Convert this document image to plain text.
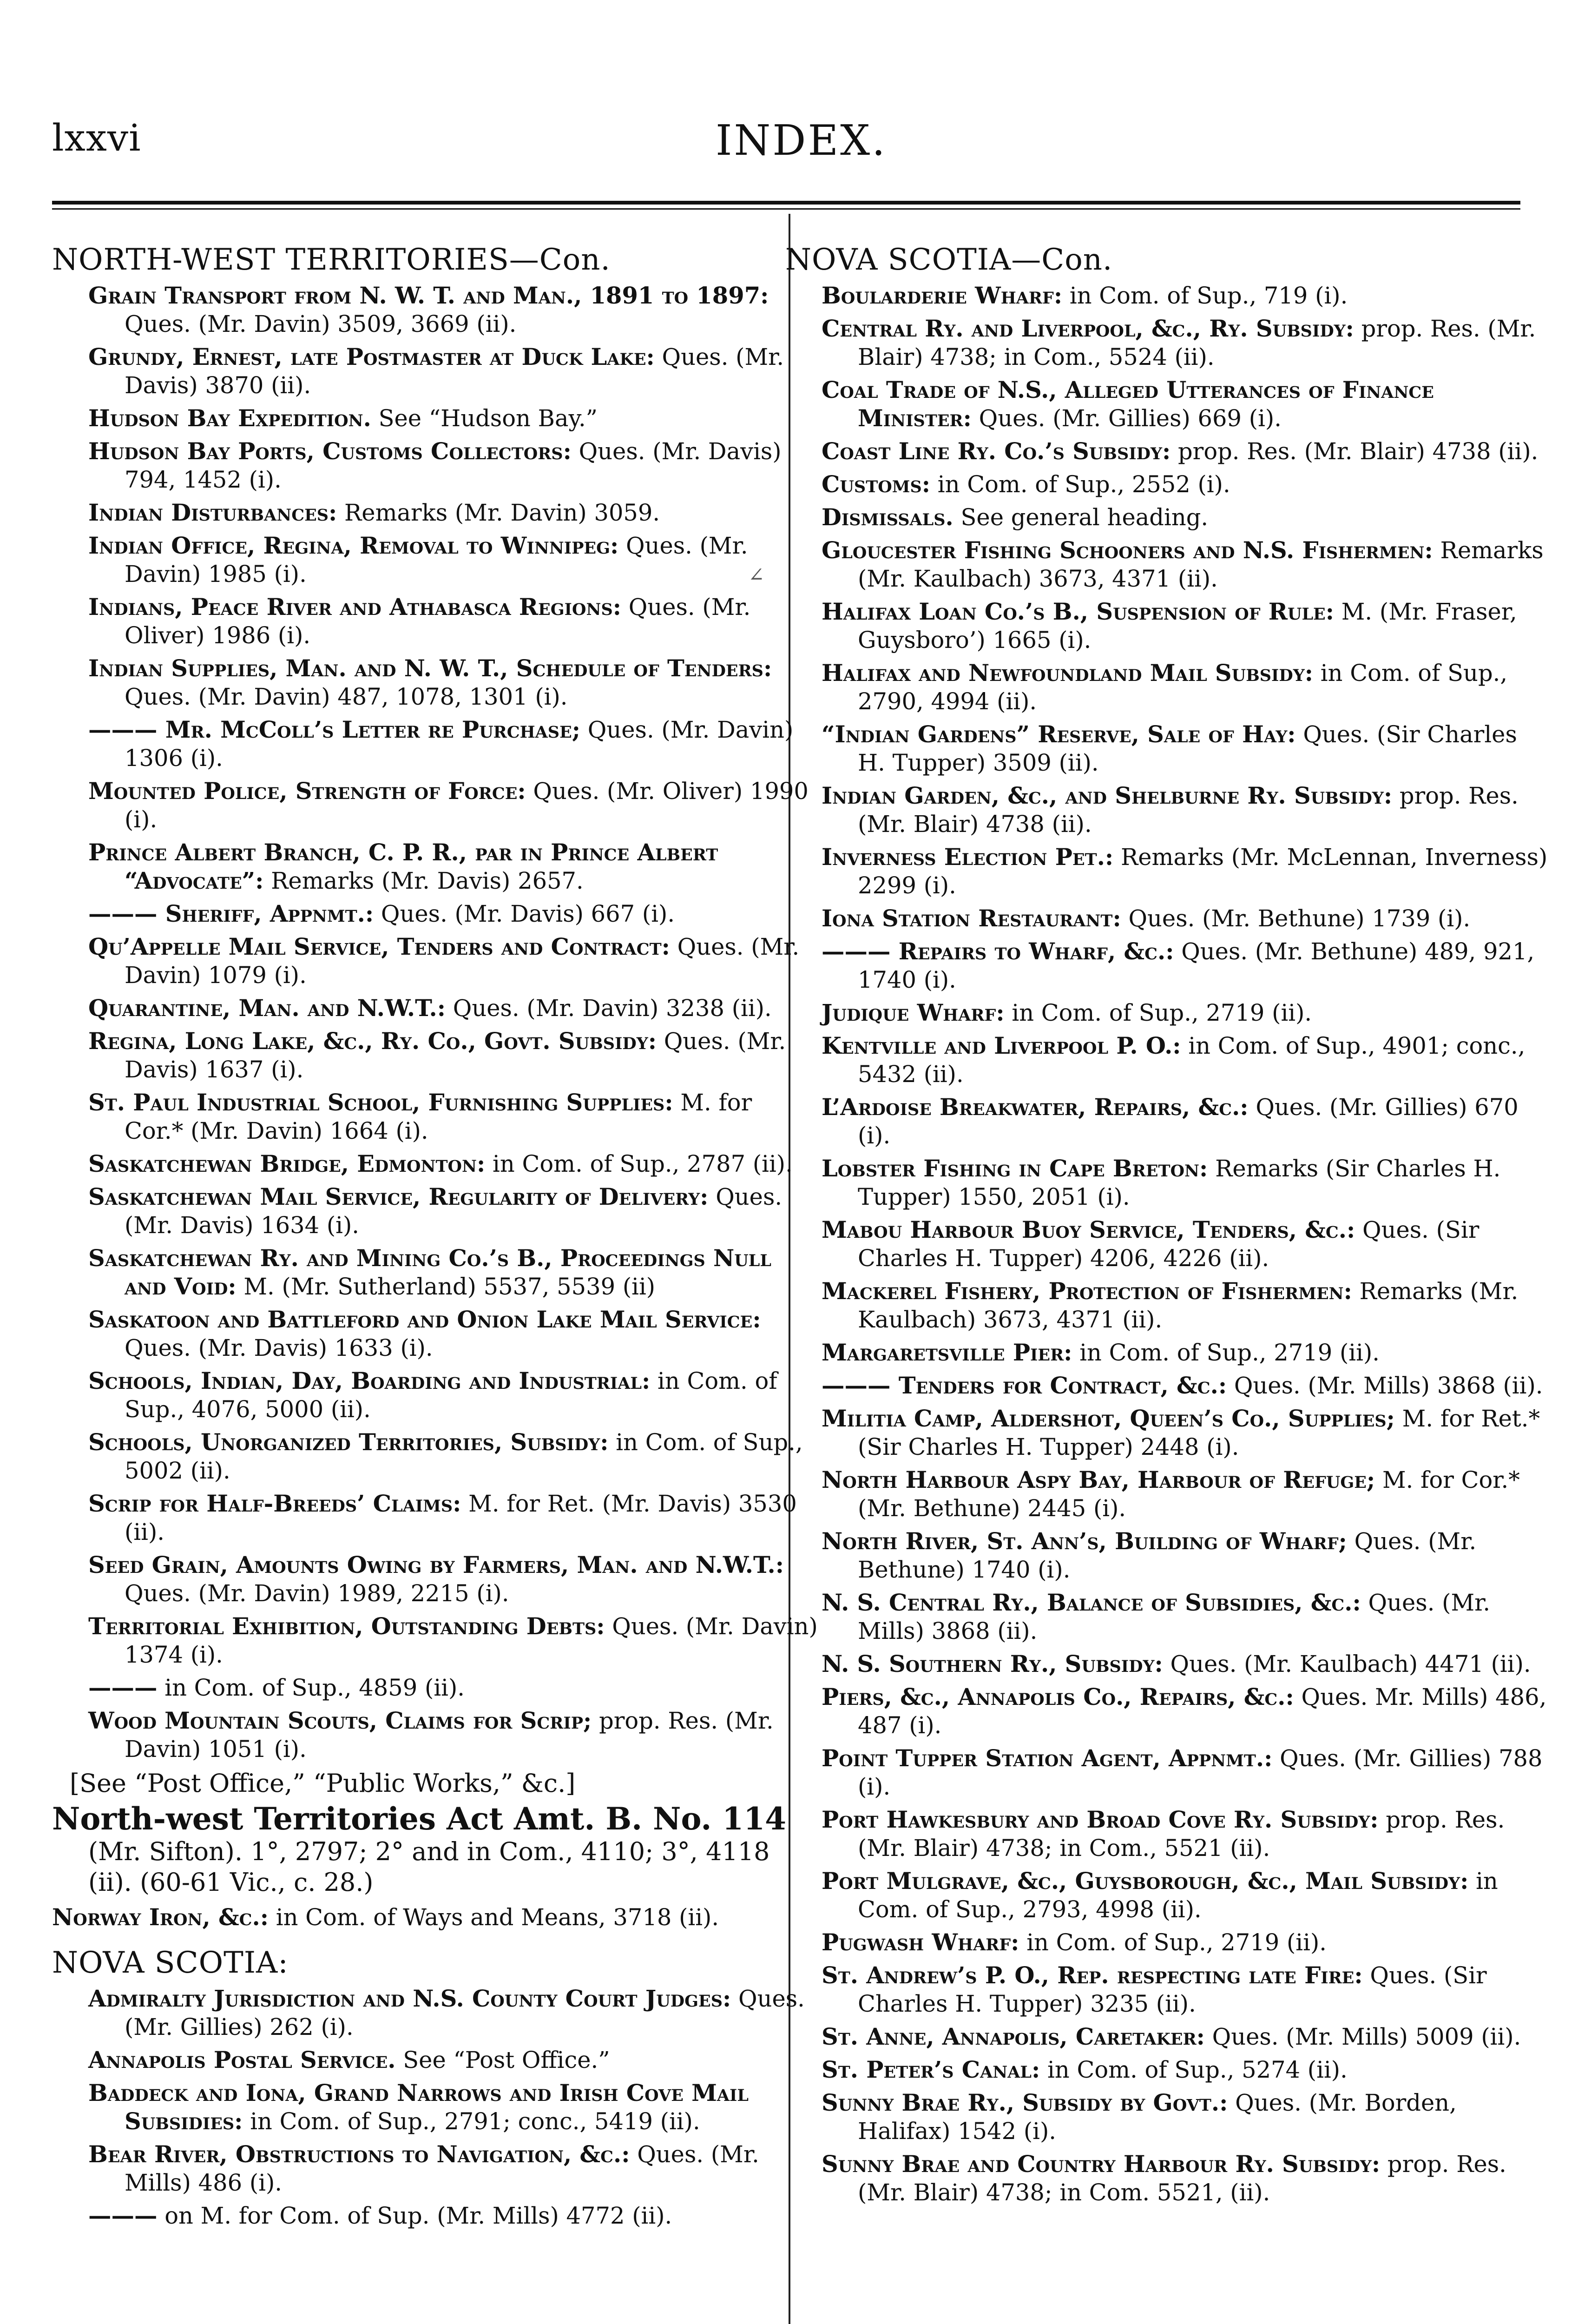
lxxvi	INDEX.
∠
NORTH-WEST TERRITORIES—Con.
Grain Transport from N. W. T. and Man., 1891 to 1897: Ques. (Mr. Davin) 3509, 3669 (ii).
Grundy, Ernest, late Postmaster at Duck Lake: Ques. (Mr. Davis) 3870 (ii).
Hudson Bay Expedition. See “Hudson Bay.”
Hudson Bay Ports, Customs Collectors: Ques. (Mr. Davis) 794, 1452 (i).
Indian Disturbances: Remarks (Mr. Davin) 3059.
Indian Office, Regina, Removal to Winnipeg: Ques. (Mr. Davin) 1985 (i).
Indians, Peace River and Athabasca Regions: Ques. (Mr. Oliver) 1986 (i).
Indian Supplies, Man. and N. W. T., Schedule of Tenders: Ques. (Mr. Davin) 487, 1078, 1301 (i).
——— Mr. McColl’s Letter re Purchase; Ques. (Mr. Davin) 1306 (i).
Mounted Police, Strength of Force: Ques. (Mr. Oliver) 1990 (i).
Prince Albert Branch, C. P. R., par in Prince Albert “Advocate”: Remarks (Mr. Davis) 2657.
——— Sheriff, Appnmt.: Ques. (Mr. Davis) 667 (i).
Qu’Appelle Mail Service, Tenders and Contract: Ques. (Mr. Davin) 1079 (i).
Quarantine, Man. and N.W.T.: Ques. (Mr. Davin) 3238 (ii).
Regina, Long Lake, &c., Ry. Co., Govt. Subsidy: Ques. (Mr. Davis) 1637 (i).
St. Paul Industrial School, Furnishing Supplies: M. for Cor.* (Mr. Davin) 1664 (i).
Saskatchewan Bridge, Edmonton: in Com. of Sup., 2787 (ii).
Saskatchewan Mail Service, Regularity of Delivery: Ques. (Mr. Davis) 1634 (i).
Saskatchewan Ry. and Mining Co.’s B., Proceedings Null and Void: M. (Mr. Sutherland) 5537, 5539 (ii)
Saskatoon and Battleford and Onion Lake Mail Service: Ques. (Mr. Davis) 1633 (i).
Schools, Indian, Day, Boarding and Industrial: in Com. of Sup., 4076, 5000 (ii).
Schools, Unorganized Territories, Subsidy: in Com. of Sup., 5002 (ii).
Scrip for Half-Breeds’ Claims: M. for Ret. (Mr. Davis) 3530 (ii).
Seed Grain, Amounts Owing by Farmers, Man. and N.W.T.: Ques. (Mr. Davin) 1989, 2215 (i).
Territorial Exhibition, Outstanding Debts: Ques. (Mr. Davin) 1374 (i).
——— in Com. of Sup., 4859 (ii).
Wood Mountain Scouts, Claims for Scrip; prop. Res. (Mr. Davin) 1051 (i).
[See “Post Office,” “Public Works,” &c.]
North-west Territories Act Amt. B. No. 114 (Mr. Sifton). 1°, 2797; 2° and in Com., 4110; 3°, 4118 (ii). (60-61 Vic., c. 28.)
Norway Iron, &c.: in Com. of Ways and Means, 3718 (ii).
NOVA SCOTIA:
Admiralty Jurisdiction and N.S. County Court Judges: Ques. (Mr. Gillies) 262 (i).
Annapolis Postal Service. See “Post Office.”
Baddeck and Iona, Grand Narrows and Irish Cove Mail Subsidies: in Com. of Sup., 2791; conc., 5419 (ii).
Bear River, Obstructions to Navigation, &c.: Ques. (Mr. Mills) 486 (i).
——— on M. for Com. of Sup. (Mr. Mills) 4772 (ii).
NOVA SCOTIA—Con.
Boularderie Wharf: in Com. of Sup., 719 (i).
Central Ry. and Liverpool, &c., Ry. Subsidy: prop. Res. (Mr. Blair) 4738; in Com., 5524 (ii).
Coal Trade of N.S., Alleged Utterances of Finance Minister: Ques. (Mr. Gillies) 669 (i).
Coast Line Ry. Co.’s Subsidy: prop. Res. (Mr. Blair) 4738 (ii).
Customs: in Com. of Sup., 2552 (i).
Dismissals. See general heading.
Gloucester Fishing Schooners and N.S. Fishermen: Remarks (Mr. Kaulbach) 3673, 4371 (ii).
Halifax Loan Co.’s B., Suspension of Rule: M. (Mr. Fraser, Guysboro’) 1665 (i).
Halifax and Newfoundland Mail Subsidy: in Com. of Sup., 2790, 4994 (ii).
“Indian Gardens” Reserve, Sale of Hay: Ques. (Sir Charles H. Tupper) 3509 (ii).
Indian Garden, &c., and Shelburne Ry. Subsidy: prop. Res. (Mr. Blair) 4738 (ii).
Inverness Election Pet.: Remarks (Mr. McLennan, Inverness) 2299 (i).
Iona Station Restaurant: Ques. (Mr. Bethune) 1739 (i).
——— Repairs to Wharf, &c.: Ques. (Mr. Bethune) 489, 921, 1740 (i).
Judique Wharf: in Com. of Sup., 2719 (ii).
Kentville and Liverpool P. O.: in Com. of Sup., 4901; conc., 5432 (ii).
L’Ardoise Breakwater, Repairs, &c.: Ques. (Mr. Gillies) 670 (i).
Lobster Fishing in Cape Breton: Remarks (Sir Charles H. Tupper) 1550, 2051 (i).
Mabou Harbour Buoy Service, Tenders, &c.: Ques. (Sir Charles H. Tupper) 4206, 4226 (ii).
Mackerel Fishery, Protection of Fishermen: Remarks (Mr. Kaulbach) 3673, 4371 (ii).
Margaretsville Pier: in Com. of Sup., 2719 (ii).
——— Tenders for Contract, &c.: Ques. (Mr. Mills) 3868 (ii).
Militia Camp, Aldershot, Queen’s Co., Supplies; M. for Ret.* (Sir Charles H. Tupper) 2448 (i).
North Harbour Aspy Bay, Harbour of Refuge; M. for Cor.* (Mr. Bethune) 2445 (i).
North River, St. Ann’s, Building of Wharf; Ques. (Mr. Bethune) 1740 (i).
N. S. Central Ry., Balance of Subsidies, &c.: Ques. (Mr. Mills) 3868 (ii).
N. S. Southern Ry., Subsidy: Ques. (Mr. Kaulbach) 4471 (ii).
Piers, &c., Annapolis Co., Repairs, &c.: Ques. Mr. Mills) 486, 487 (i).
Point Tupper Station Agent, Appnmt.: Ques. (Mr. Gillies) 788 (i).
Port Hawkesbury and Broad Cove Ry. Subsidy: prop. Res. (Mr. Blair) 4738; in Com., 5521 (ii).
Port Mulgrave, &c., Guysborough, &c., Mail Subsidy: in Com. of Sup., 2793, 4998 (ii).
Pugwash Wharf: in Com. of Sup., 2719 (ii).
St. Andrew’s P. O., Rep. respecting late Fire: Ques. (Sir Charles H. Tupper) 3235 (ii).
St. Anne, Annapolis, Caretaker: Ques. (Mr. Mills) 5009 (ii).
St. Peter’s Canal: in Com. of Sup., 5274 (ii).
Sunny Brae Ry., Subsidy by Govt.: Ques. (Mr. Borden, Halifax) 1542 (i).
Sunny Brae and Country Harbour Ry. Subsidy: prop. Res. (Mr. Blair) 4738; in Com. 5521, (ii).
